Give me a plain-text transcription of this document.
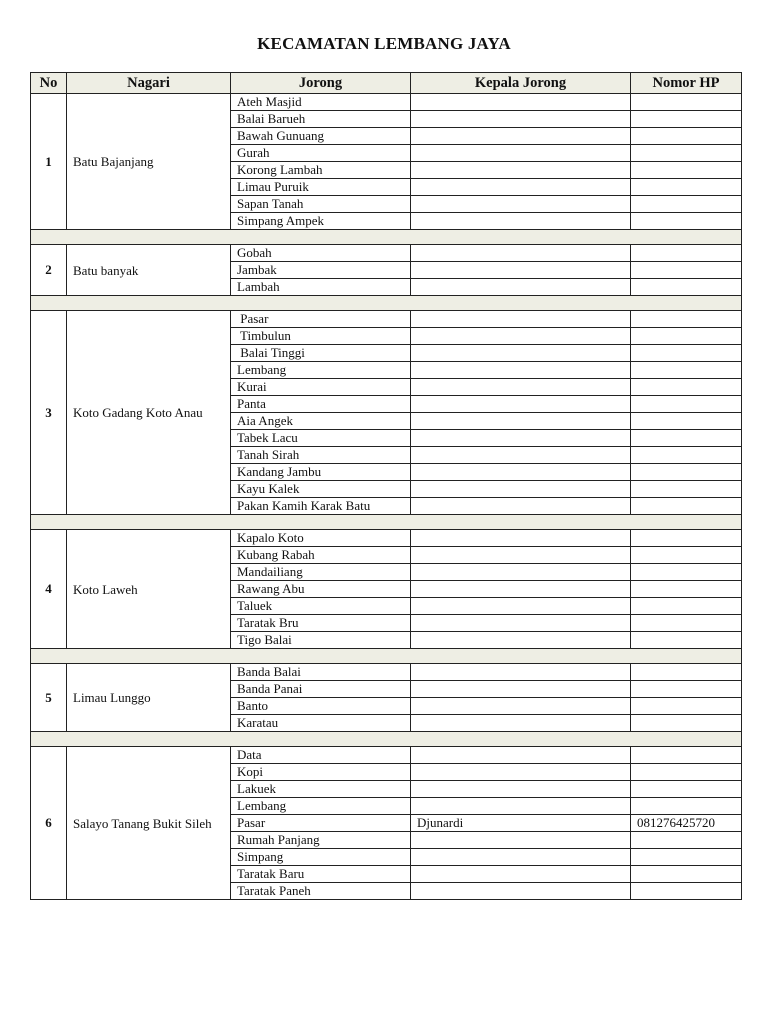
KECAMATAN LEMBANG JAYA
No	Nagari	Jorong	Kepala Jorong	Nomor HP
1	Batu Bajanjang	Ateh Masjid		
		Balai Barueh		
		Bawah Gunuang		
		Gurah		
		Korong Lambah		
		Limau Puruik		
		Sapan Tanah		
		Simpang Ampek		

2	Batu banyak	Gobah		
		Jambak		
		Lambah		

3	Koto Gadang Koto Anau	Pasar		
		Timbulun		
		Balai Tinggi		
		Lembang		
		Kurai		
		Panta		
		Aia Angek		
		Tabek Lacu		
		Tanah Sirah		
		Kandang Jambu		
		Kayu Kalek		
		Pakan Kamih Karak Batu		

4	Koto Laweh	Kapalo Koto		
		Kubang Rabah		
		Mandailiang		
		Rawang Abu		
		Taluek		
		Taratak Bru		
		Tigo Balai		

5	Limau Lunggo	Banda Balai		
		Banda Panai		
		Banto		
		Karatau		

6	Salayo Tanang Bukit Sileh	Data		
		Kopi		
		Lakuek		
		Lembang		
		Pasar	Djunardi	081276425720
		Rumah Panjang		
		Simpang		
		Taratak Baru		
		Taratak Paneh		
